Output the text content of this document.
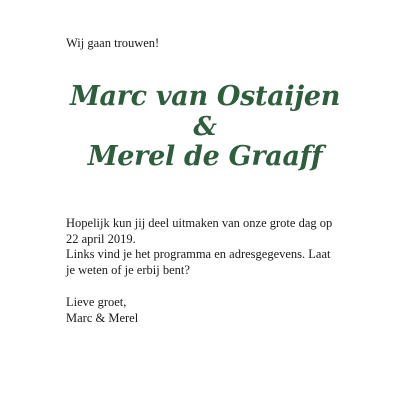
Wij gaan trouwen!
Marc van Ostaijen
&
Merel de Graaff

Hopelijk kun jij deel uitmaken van onze grote dag op

22 april 2019.

Links vind je het programma en adresgegevens. Laat

je weten of je erbij bent?

Lieve groet,

Marc & Merel
